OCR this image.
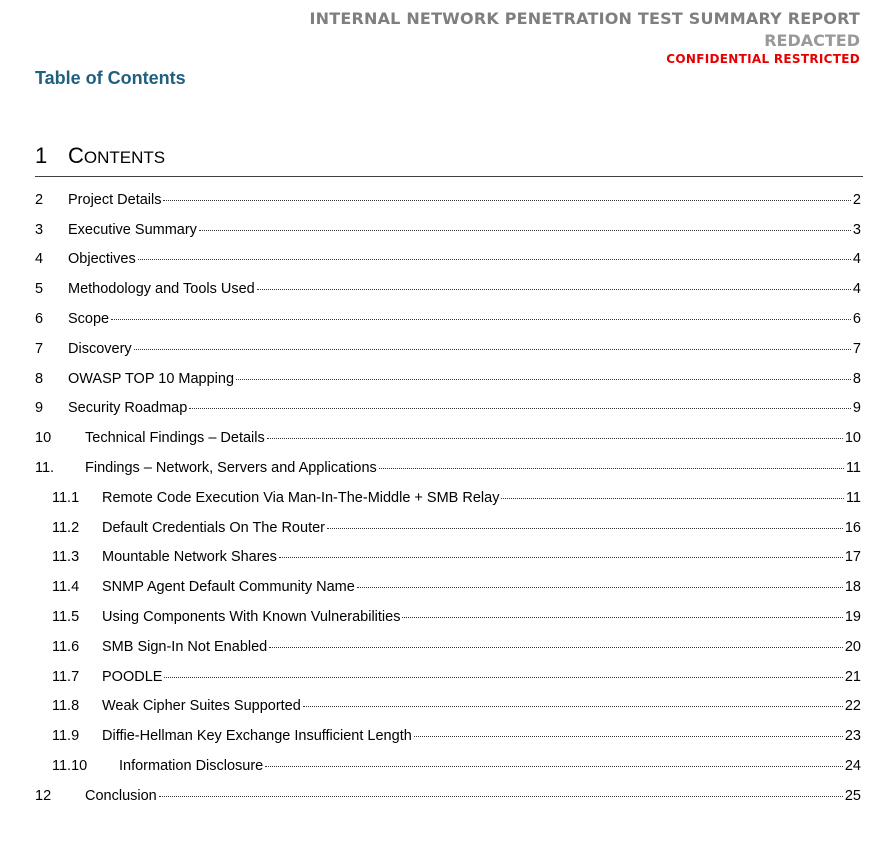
INTERNAL NETWORK PENETRATION TEST SUMMARY REPORT
REDACTED
CONFIDENTIAL RESTRICTED
Table of Contents
1 CONTENTS
2 Project Details	2
3 Executive Summary	3
4 Objectives	4
5 Methodology and Tools Used	4
6 Scope	6
7 Discovery	7
8 OWASP TOP 10 Mapping	8
9 Security Roadmap	9
10 Technical Findings – Details	10
11. Findings – Network, Servers and Applications	11
11.1 Remote Code Execution Via Man-In-The-Middle + SMB Relay	11
11.2 Default Credentials On The Router	16
11.3 Mountable Network Shares	17
11.4 SNMP Agent Default Community Name	18
11.5 Using Components With Known Vulnerabilities	19
11.6 SMB Sign-In Not Enabled	20
11.7 POODLE	21
11.8 Weak Cipher Suites Supported	22
11.9 Diffie-Hellman Key Exchange Insufficient Length	23
11.10 Information Disclosure	24
12 Conclusion	25
